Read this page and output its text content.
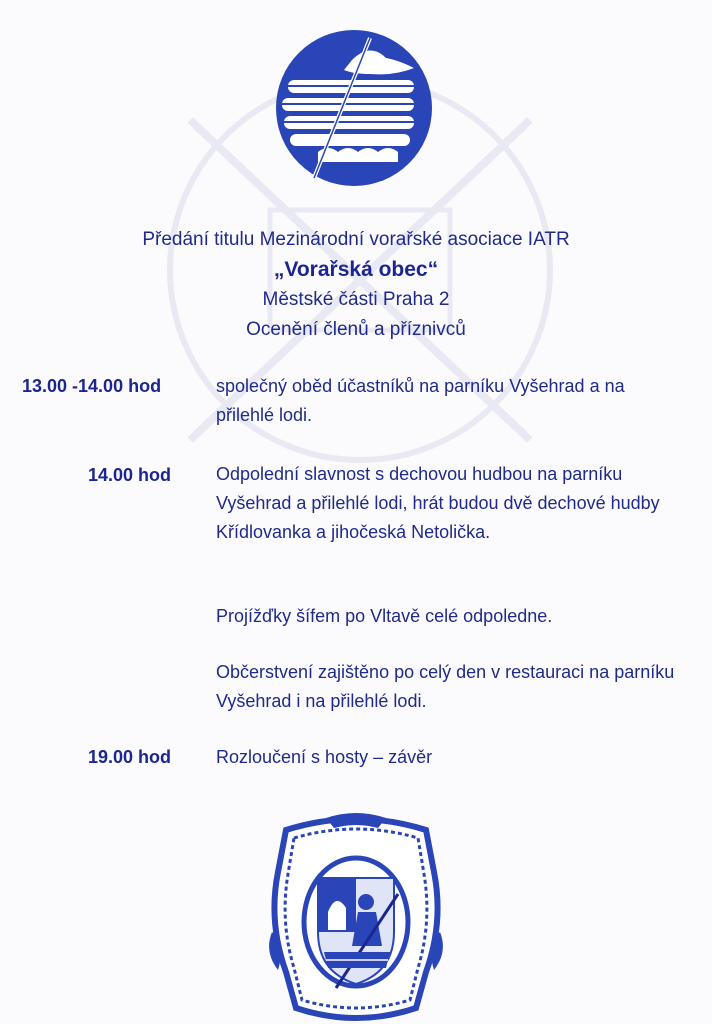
Předání titulu Mezinárodní vorařské asociace IATR
„Vorařská obec“
Městské části Praha 2
Ocenění členů a příznivců
13.00 -14.00 hod	společný oběd účastníků na parníku Vyšehrad a na přilehlé lodi.
14.00 hod Odpolední slavnost s dechovou hudbou na parníku Vyšehrad a přilehlé lodi, hrát budou dvě dechové hudby Křídlovanka a jihočeská Netolička.
Projížďky šífem po Vltavě celé odpoledne.
Občerstvení zajištěno po celý den v restauraci na parníku Vyšehrad i na přilehlé lodi.
19.00 hod Rozloučení s hosty – závěr
